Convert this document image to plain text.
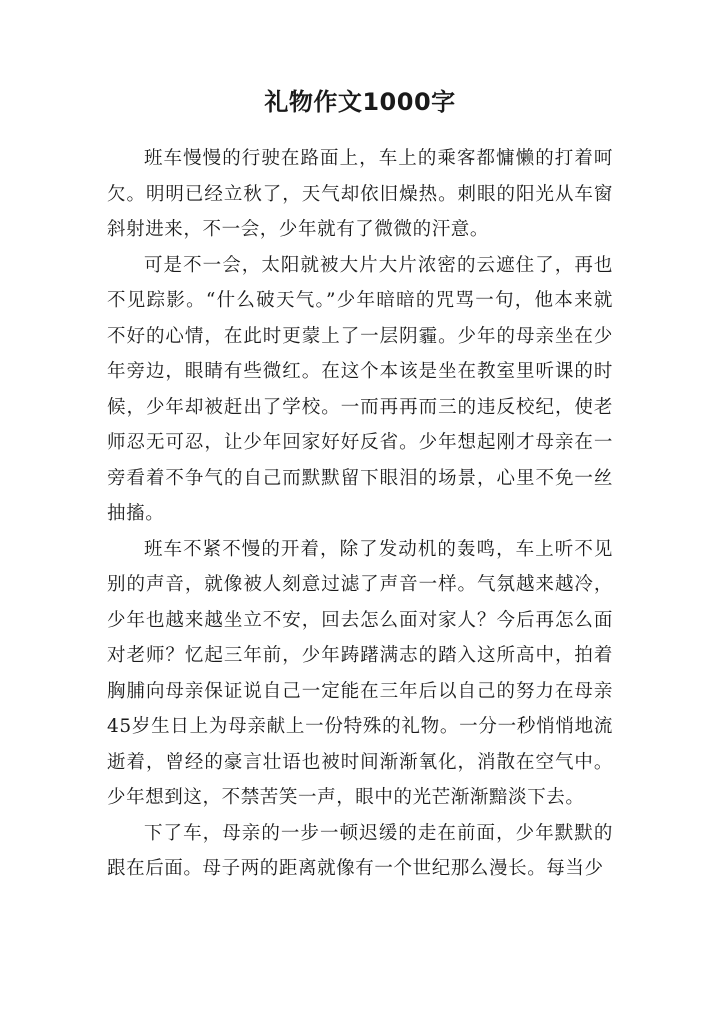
礼物作文1000字

班车慢慢的行驶在路面上，车上的乘客都慵懒的打着呵欠。明明已经立秋了，天气却依旧燥热。刺眼的阳光从车窗斜射进来，不一会，少年就有了微微的汗意。

可是不一会，太阳就被大片大片浓密的云遮住了，再也不见踪影。“什么破天气。”少年暗暗的咒骂一句，他本来就不好的心情，在此时更蒙上了一层阴霾。少年的母亲坐在少年旁边，眼睛有些微红。在这个本该是坐在教室里听课的时候，少年却被赶出了学校。一而再再而三的违反校纪，使老师忍无可忍，让少年回家好好反省。少年想起刚才母亲在一旁看着不争气的自己而默默留下眼泪的场景，心里不免一丝抽搐。

班车不紧不慢的开着，除了发动机的轰鸣，车上听不见别的声音，就像被人刻意过滤了声音一样。气氛越来越冷，少年也越来越坐立不安，回去怎么面对家人？今后再怎么面对老师？忆起三年前，少年踌躇满志的踏入这所高中，拍着胸脯向母亲保证说自己一定能在三年后以自己的努力在母亲45岁生日上为母亲献上一份特殊的礼物。一分一秒悄悄地流逝着，曾经的豪言壮语也被时间渐渐氧化，消散在空气中。少年想到这，不禁苦笑一声，眼中的光芒渐渐黯淡下去。

下了车，母亲的一步一顿迟缓的走在前面，少年默默的跟在后面。母子两的距离就像有一个世纪那么漫长。每当少
